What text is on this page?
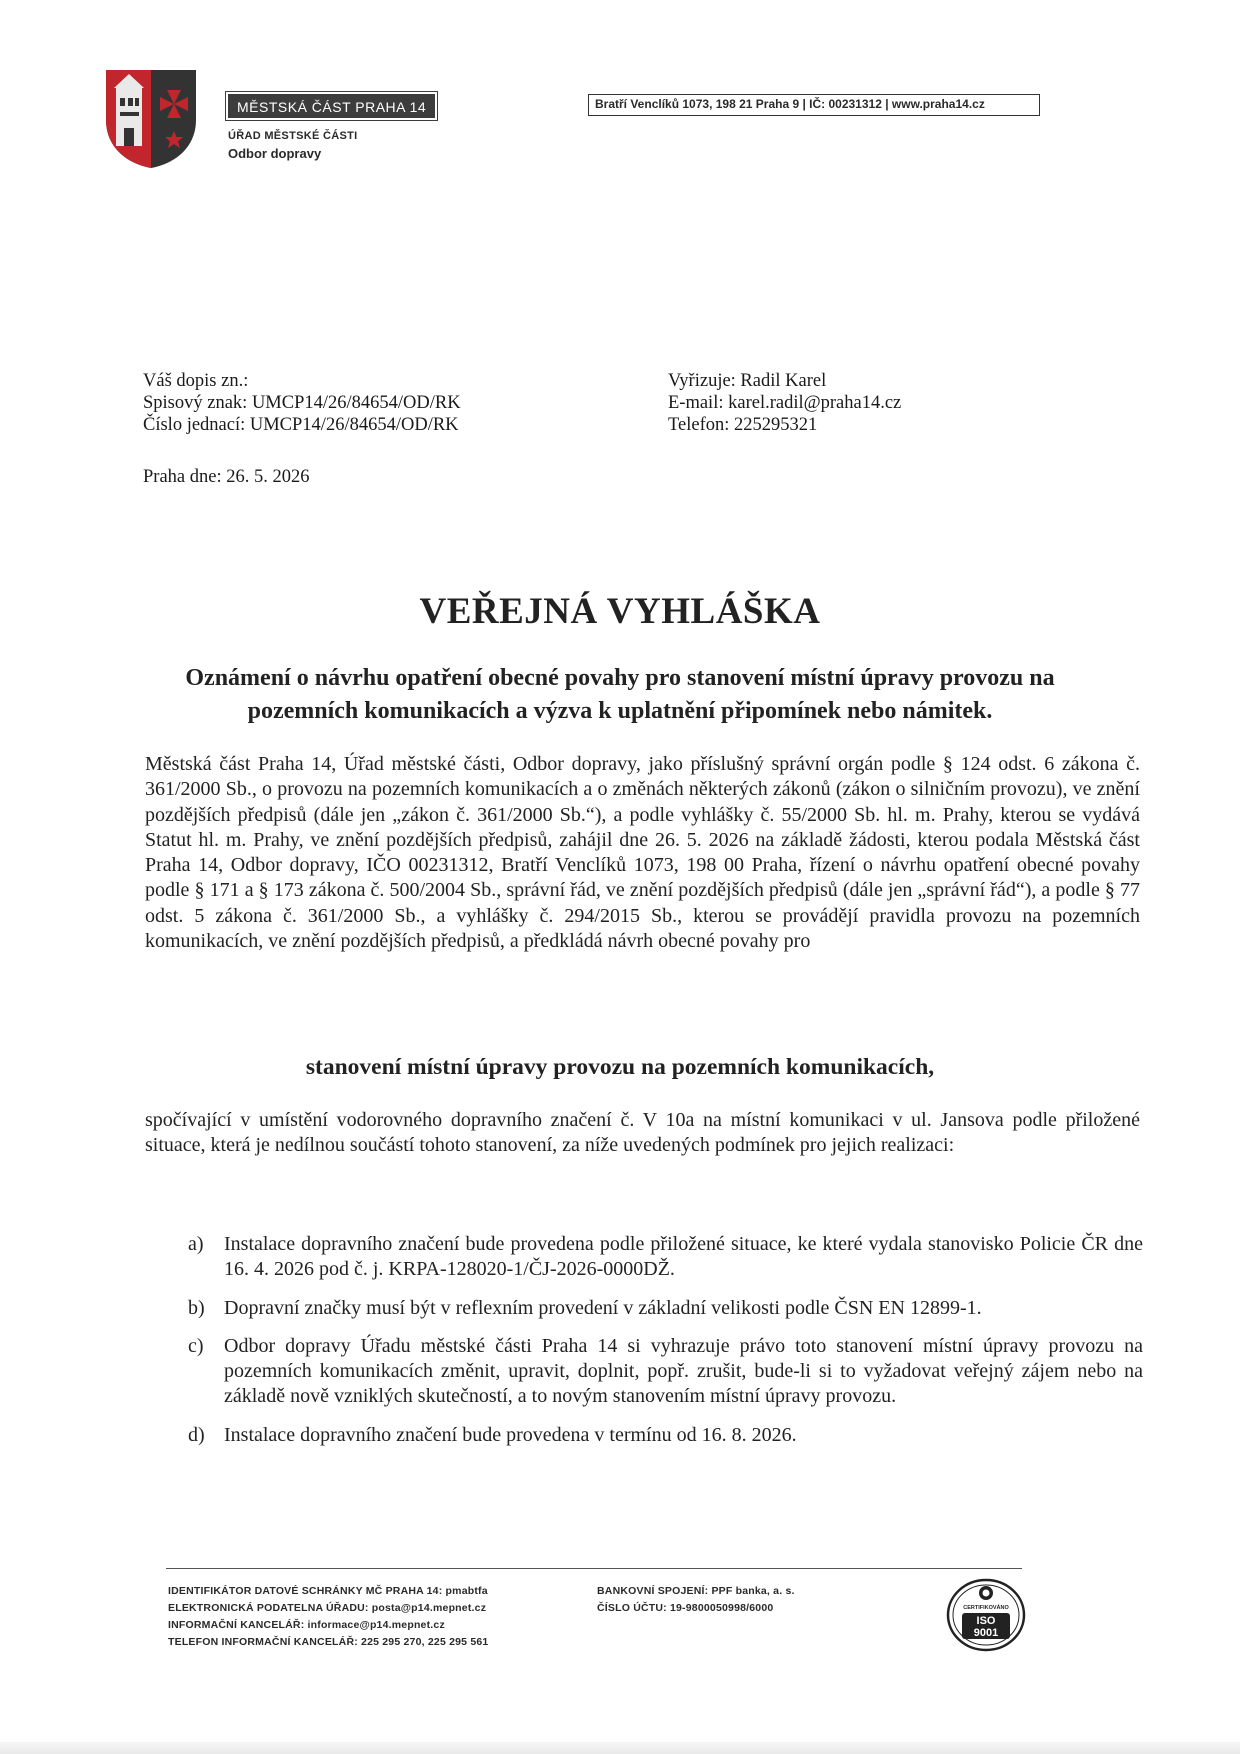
MĚSTSKÁ ČÁST PRAHA 14
ÚŘAD MĚSTSKÉ ČÁSTI
Odbor dopravy
Bratří Venclíků 1073, 198 21 Praha 9 | IČ: 00231312 | www.praha14.cz
Váš dopis zn.:
Spisový znak: UMCP14/26/84654/OD/RK
Číslo jednací: UMCP14/26/84654/OD/RK
Vyřizuje: Radil Karel
E-mail: karel.radil@praha14.cz
Telefon: 225295321
Praha dne: 26. 5. 2026
VEŘEJNÁ VYHLÁŠKA
Oznámení o návrhu opatření obecné povahy pro stanovení místní úpravy provozu na pozemních komunikacích a výzva k uplatnění připomínek nebo námitek.

Městská část Praha 14, Úřad městské části, Odbor dopravy, jako příslušný správní orgán podle § 124 odst. 6 zákona č. 361/2000 Sb., o provozu na pozemních komunikacích a o změnách některých zákonů (zákon o silničním provozu), ve znění pozdějších předpisů (dále jen „zákon č. 361/2000 Sb.“), a podle vyhlášky č. 55/2000 Sb. hl. m. Prahy, kterou se vydává Statut hl. m. Prahy, ve znění pozdějších předpisů, zahájil dne 26. 5. 2026 na základě žádosti, kterou podala Městská část Praha 14, Odbor dopravy, IČO 00231312, Bratří Venclíků 1073, 198 00 Praha, řízení o návrhu opatření obecné povahy podle § 171 a § 173 zákona č. 500/2004 Sb., správní řád, ve znění pozdějších předpisů (dále jen „správní řád“), a podle § 77 odst. 5 zákona č. 361/2000 Sb., a vyhlášky č. 294/2015 Sb., kterou se provádějí pravidla provozu na pozemních komunikacích, ve znění pozdějších předpisů, a předkládá návrh obecné povahy pro

stanovení místní úpravy provozu na pozemních komunikacích,

spočívající v umístění vodorovného dopravního značení č. V 10a na místní komunikaci v ul. Jansova podle přiložené situace, která je nedílnou součástí tohoto stanovení, za níže uvedených podmínek pro jejich realizaci:

a)	Instalace dopravního značení bude provedena podle přiložené situace, ke které vydala stanovisko Policie ČR dne 16. 4. 2026 pod č. j. KRPA-128020-1/ČJ-2026-0000DŽ.
b) Dopravní značky musí být v reflexním provedení v základní velikosti podle ČSN EN 12899-1.
c)	Odbor dopravy Úřadu městské části Praha 14 si vyhrazuje právo toto stanovení místní úpravy provozu na pozemních komunikacích změnit, upravit, doplnit, popř. zrušit, bude-li si to vyžadovat veřejný zájem nebo na základě nově vzniklých skutečností, a to novým stanovením místní úpravy provozu.
d) Instalace dopravního značení bude provedena v termínu od 16. 8. 2026.
IDENTIFIKÁTOR DATOVÉ SCHRÁNKY MČ PRAHA 14: pmabtfa
ELEKTRONICKÁ PODATELNA ÚŘADU: posta@p14.mepnet.cz
INFORMAČNÍ KANCELÁŘ: informace@p14.mepnet.cz
TELEFON INFORMAČNÍ KANCELÁŘ: 225 295 270, 225 295 561
BANKOVNÍ SPOJENÍ: PPF banka, a. s.
ČÍSLO ÚČTU: 19-9800050998/6000	CERTIFIKOVÁNO
ISO
9001
